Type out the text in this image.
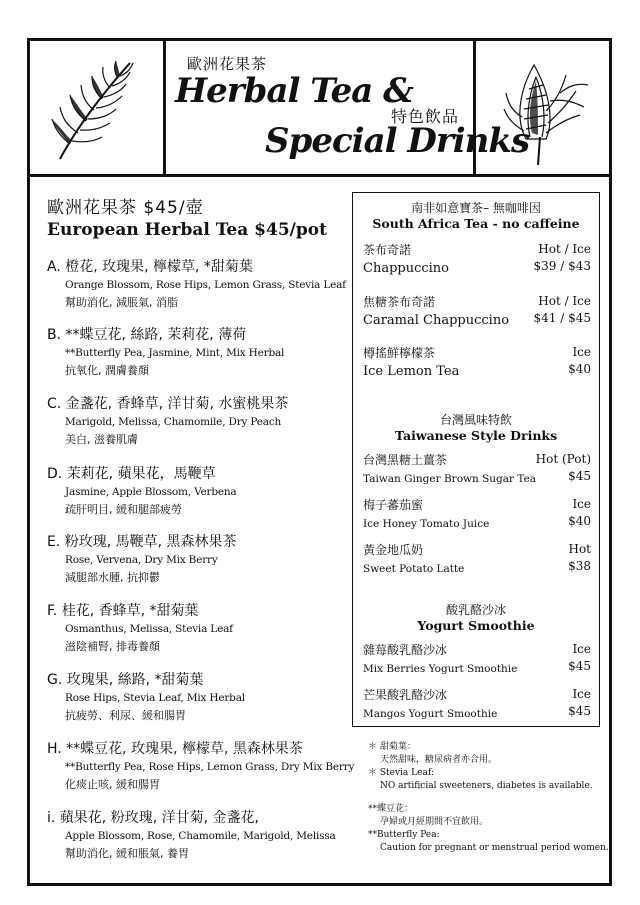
歐洲花果茶
Herbal Tea &
特色飲品
Special Drinks
歐洲花果茶 $45/壺
European Herbal Tea $45/pot
A. 橙花, 玫瑰果, 檸檬草, *甜菊葉
Orange Blossom, Rose Hips, Lemon Grass, Stevia Leaf
幫助消化, 減脹氣, 消脂
B. **蝶豆花, 絲路, 茉莉花, 薄荷
**Butterfly Pea, Jasmine, Mint, Mix Herbal
抗氧化, 潤膚養顏
C. 金盞花, 香蜂草, 洋甘菊, 水蜜桃果茶
Marigold, Melissa, Chamomile, Dry Peach
美白, 滋養肌膚
D. 茉莉花, 蘋果花，馬鞭草
Jasmine, Apple Blossom, Verbena
疏肝明目, 緩和腿部疲勞
E. 粉玫瑰, 馬鞭草, 黑森林果茶
Rose, Vervena, Dry Mix Berry
減腿部水腫, 抗抑鬱
F. 桂花, 香蜂草, *甜菊葉
Osmanthus, Melissa, Stevia Leaf
滋陰補腎, 排毒養顏
G. 玫瑰果, 絲路, *甜菊葉
Rose Hips, Stevia Leaf, Mix Herbal
抗疲勞、利尿、緩和腸胃
H. **蝶豆花, 玫瑰果, 檸檬草, 黑森林果茶
**Butterfly Pea, Rose Hips, Lemon Grass, Dry Mix Berry
化痰止咳, 緩和腸胃
i. 蘋果花, 粉玫瑰, 洋甘菊, 金盞花,
Apple Blossom, Rose, Chamomile, Marigold, Melissa
幫助消化, 緩和脹氣, 養胃
南非如意寶茶– 無咖啡因
South Africa Tea - no caffeine
茶布奇諾
Chappuccino
Hot / Ice
$39 / $43
焦糖茶布奇諾
Caramal Chappuccino
Hot / Ice
$41 / $45
樽搖鮮檸檬茶
Ice Lemon Tea
Ice
$40
台灣風味特飲
Taiwanese Style Drinks
台灣黑糖土薑茶
Taiwan Ginger Brown Sugar Tea
Hot (Pot)
$45
梅子蕃茄蜜
Ice Honey Tomato Juice
Ice
$40
黃金地瓜奶
Sweet Potato Latte
Hot
$38
酸乳酪沙冰
Yogurt Smoothie
雜莓酸乳酪沙冰
Mix Berries Yogurt Smoothie
Ice
$45
芒果酸乳酪沙冰
Mangos Yogurt Smoothie
Ice
$45
＊ 甜菊葉：
天然甜味，糖尿病者亦合用。
＊ Stevia Leaf:
NO artificial sweeteners, diabetes is available.
**蝶豆花：
孕婦或月經期間不宜飲用。
**Butterfly Pea:
Caution for pregnant or menstrual period women.
